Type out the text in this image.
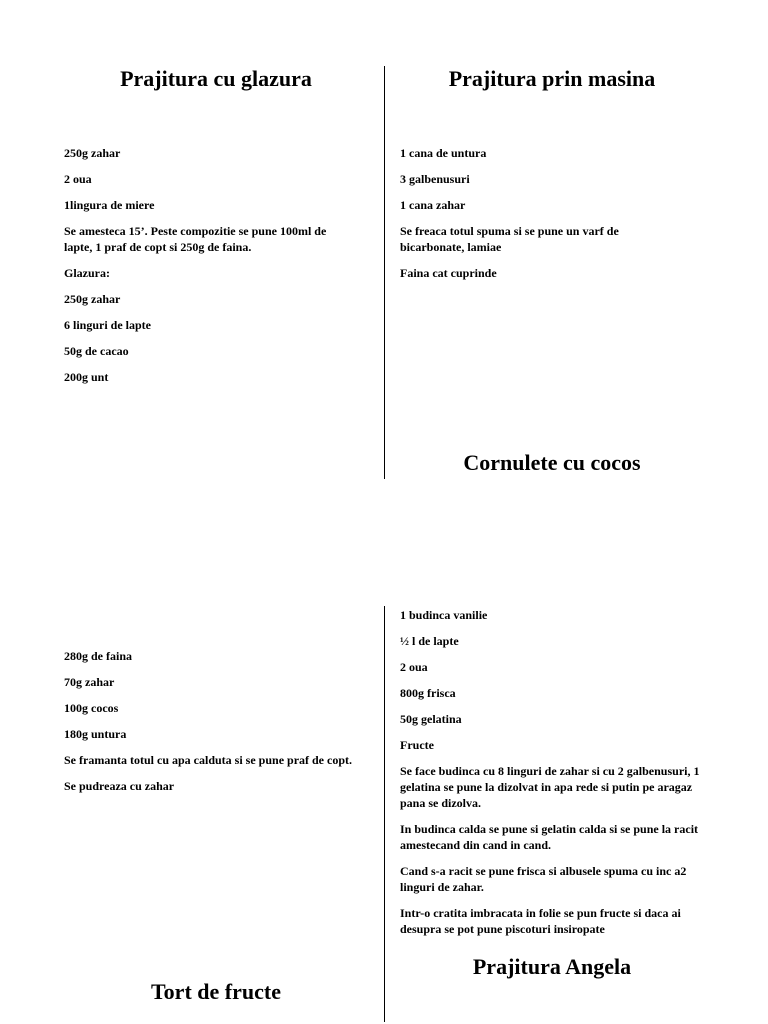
Prajitura cu glazura

250g zahar

2 oua

1lingura de miere

Se amesteca 15’. Peste compozitie se pune 100ml de lapte, 1 praf de copt si 250g de faina.

Glazura:

250g zahar

6 linguri de lapte

50g de cacao

200g unt

Prajitura prin masina

1 cana de untura

3 galbenusuri

1 cana zahar

Se freaca totul spuma si se pune un varf de bicarbonate, lamiae

Faina cat cuprinde

Cornulete cu cocos

280g de faina

70g zahar

100g cocos

180g untura

Se framanta totul cu apa calduta si se pune praf de copt.

Se pudreaza cu zahar

Tort de fructe

1 budinca vanilie

½ l de lapte

2 oua

800g frisca

50g gelatina

Fructe

Se face budinca cu 8 linguri de zahar si cu 2 galbenusuri, 1 gelatina se pune la dizolvat in apa rede si putin pe aragaz pana se dizolva.

In budinca calda se pune si gelatin calda si se pune la racit amestecand din cand in cand.

Cand s-a racit se pune frisca si albusele spuma cu inc a2 linguri de zahar.

Intr-o cratita imbracata in folie se pun fructe si daca ai desupra se pot pune piscoturi insiropate

Prajitura Angela
